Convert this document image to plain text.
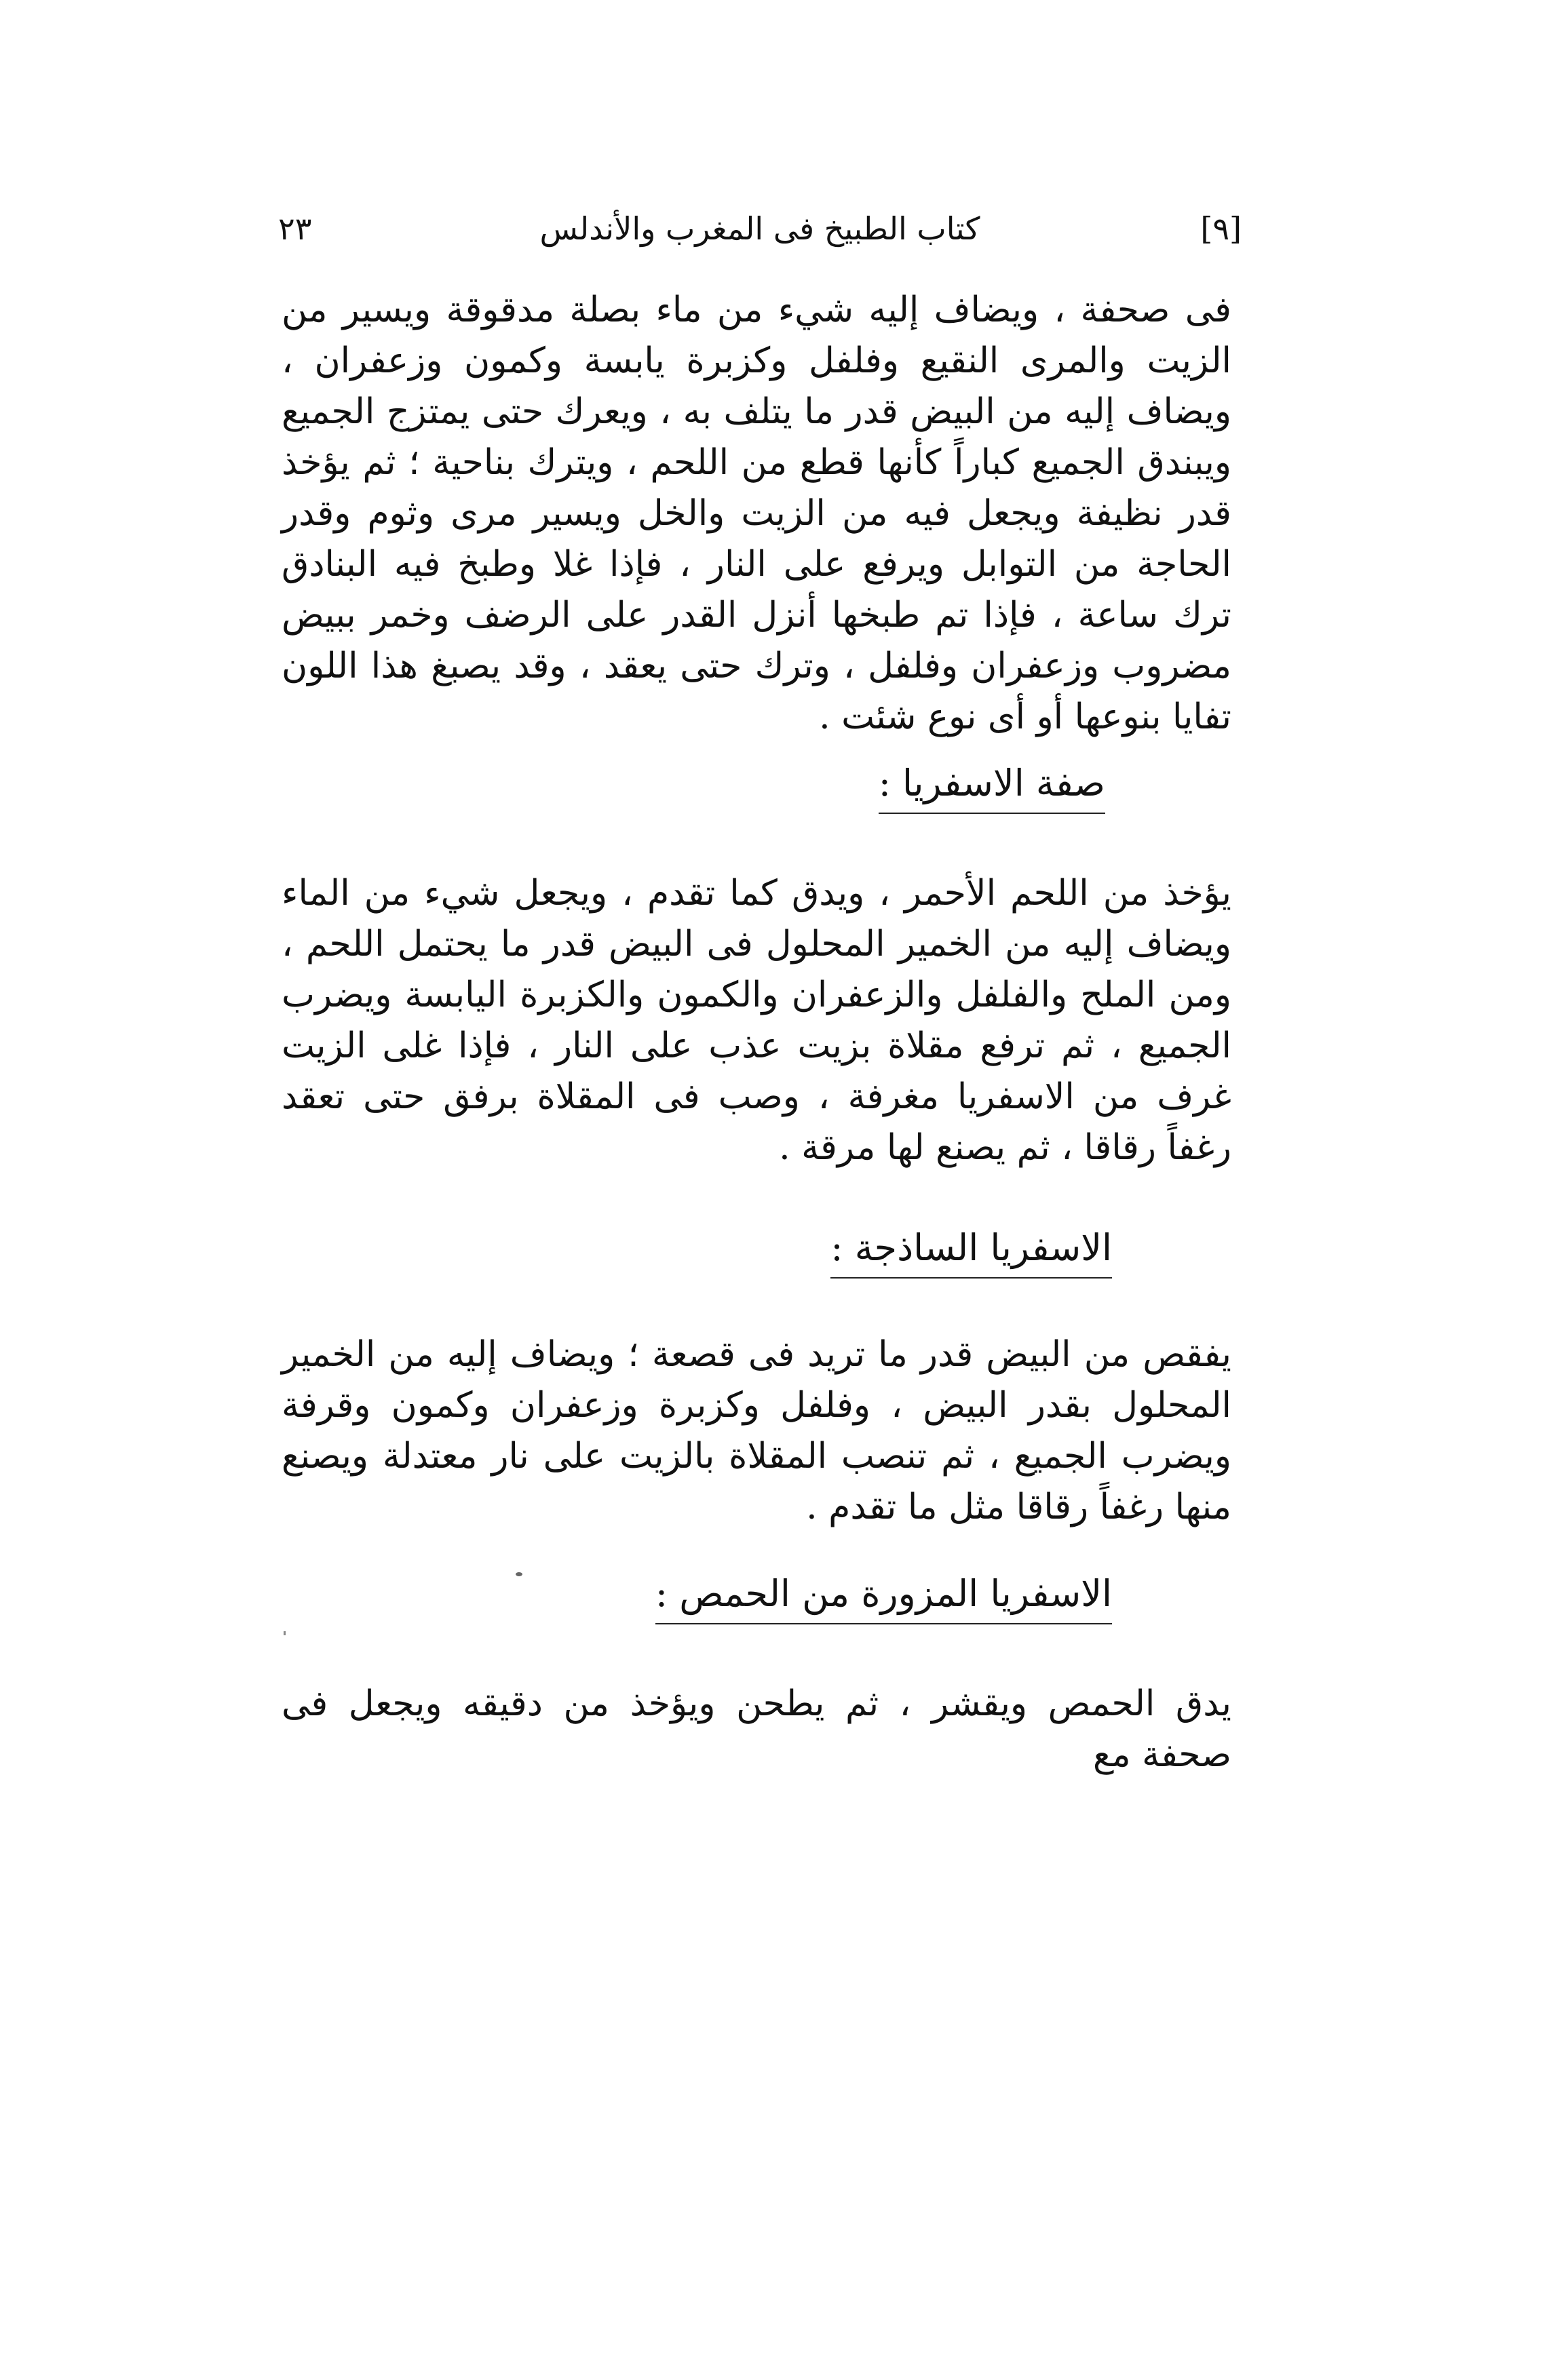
٢٣	كتاب الطبيخ فى المغرب والأندلس	[٩]
فى صحفة ، ويضاف إليه شيء من ماء بصلة مدقوقة ويسير من الزيت والمرى النقيع وفلفل وكزبرة يابسة وكمون وزعفران ، ويضاف إليه من البيض قدر ما يتلف به ، ويعرك حتى يمتزج الجميع ويبندق الجميع كباراً كأنها قطع من اللحم ، ويترك بناحية ؛ ثم يؤخذ قدر نظيفة ويجعل فيه من الزيت والخل ويسير مرى وثوم وقدر الحاجة من التوابل ويرفع على النار ، فإذا غلا وطبخ فيه البنادق ترك ساعة ، فإذا تم طبخها أنزل القدر على الرضف وخمر ببيض مضروب وزعفران وفلفل ، وترك حتى يعقد ، وقد يصبغ هذا اللون تفايا بنوعها أو أى نوع شئت .
صفة الاسفريا :
يؤخذ من اللحم الأحمر ، ويدق كما تقدم ، ويجعل شيء من الماء ويضاف إليه من الخمير المحلول فى البيض قدر ما يحتمل اللحم ، ومن الملح والفلفل والزعفران والكمون والكزبرة اليابسة ويضرب الجميع ، ثم ترفع مقلاة بزيت عذب على النار ، فإذا غلى الزيت غرف من الاسفريا مغرفة ، وصب فى المقلاة برفق حتى تعقد رغفاً رقاقا ، ثم يصنع لها مرقة .
الاسفريا الساذجة :
يفقص من البيض قدر ما تريد فى قصعة ؛ ويضاف إليه من الخمير المحلول بقدر البيض ، وفلفل وكزبرة وزعفران وكمون وقرفة ويضرب الجميع ، ثم تنصب المقلاة بالزيت على نار معتدلة ويصنع منها رغفاً رقاقا مثل ما تقدم .
الاسفريا المزورة من الحمص :
يدق الحمص ويقشر ، ثم يطحن ويؤخذ من دقيقه ويجعل فى صحفة مع
